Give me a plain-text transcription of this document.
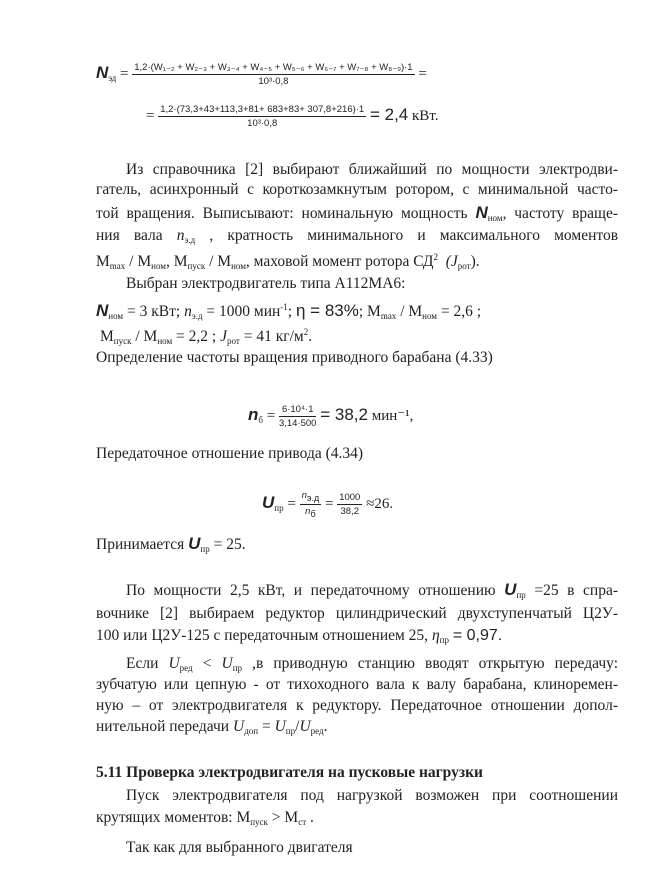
$N_{эд} = 1,2\cdot(W_{1-2} + W_{2-3} + W_{3-4} + W_{4-5} + W_{5-6} + W_{6-7} + W_{7-8} + W_{8-9})\cdot 1$
10³·0,8	=
= $\frac{1,2\cdot(73,3+43+113,3+81+ 683+83+ 307,8+216)\cdot 1}{\text{10³·0,8}} = 2,4$ кВт.
Из справочника [2] выбирают ближайший по мощности электродви-
гатель, асинхронный с короткозамкнутым ротором, с минимальной часто-
той вращения. Выписывают: номинальную мощность $N_{ном}$, частоту враще-
ния вала $n_{э.д}$ , кратность минимального и максимального моментов
$М_{max} / М_{ном}$, $М_{пуск} / М_{ном}$, маховой момент ротора $СД^2$ $(J_{рот})$.
Выбран электродвигатель типа А112МА6:
$N_{ном} = 3$ кВт; $n_{э.д} = 1000$ мин$^{-1}$; η = 83%; $М_{max} / М_{ном} = 2,6$ ;
$М_{пуск} / М_{ном} = 2,2$ ; $J_{рот} = 41$ $кг/м^2$.
Определение частоты вращения приводного барабана (4.33)
$n_б = \frac{\text{6·10⁴·1}}{3,14\cdot 500} = 38,2$ мин⁻¹,
Передаточное отношение привода (4.34)
$U_{пр} = \frac{nэ.д}{nб} = \frac{1000}{38,2} \approx 26$.
Принимается $U_{пр} = 25$.
По мощности 2,5 кВт, и передаточному отношению $U_{пр} =25$ в спра-
вочнике [2] выбираем редуктор цилиндрический двухступенчатый Ц2У-
100 или Ц2У-125 с передаточным отношением 25, $\eta_{пр} = 0,97$.
Если $U_{ред} < U_{пр}$ ,в приводную станцию вводят открытую передачу:
зубчатую или цепную - от тихоходного вала к валу барабана, клиноремен-
ную – от электродвигателя к редуктору. Передаточное отношении допол-
нительной передачи $U_{доп} = U_{пр}/U_{ред}$.
5.11 Проверка электродвигателя на пусковые нагрузки
Пуск электродвигателя под нагрузкой возможен при соотношении
крутящих моментов: $М_{пуск} > М_{ст}$ .
Так как для выбранного двигателя
